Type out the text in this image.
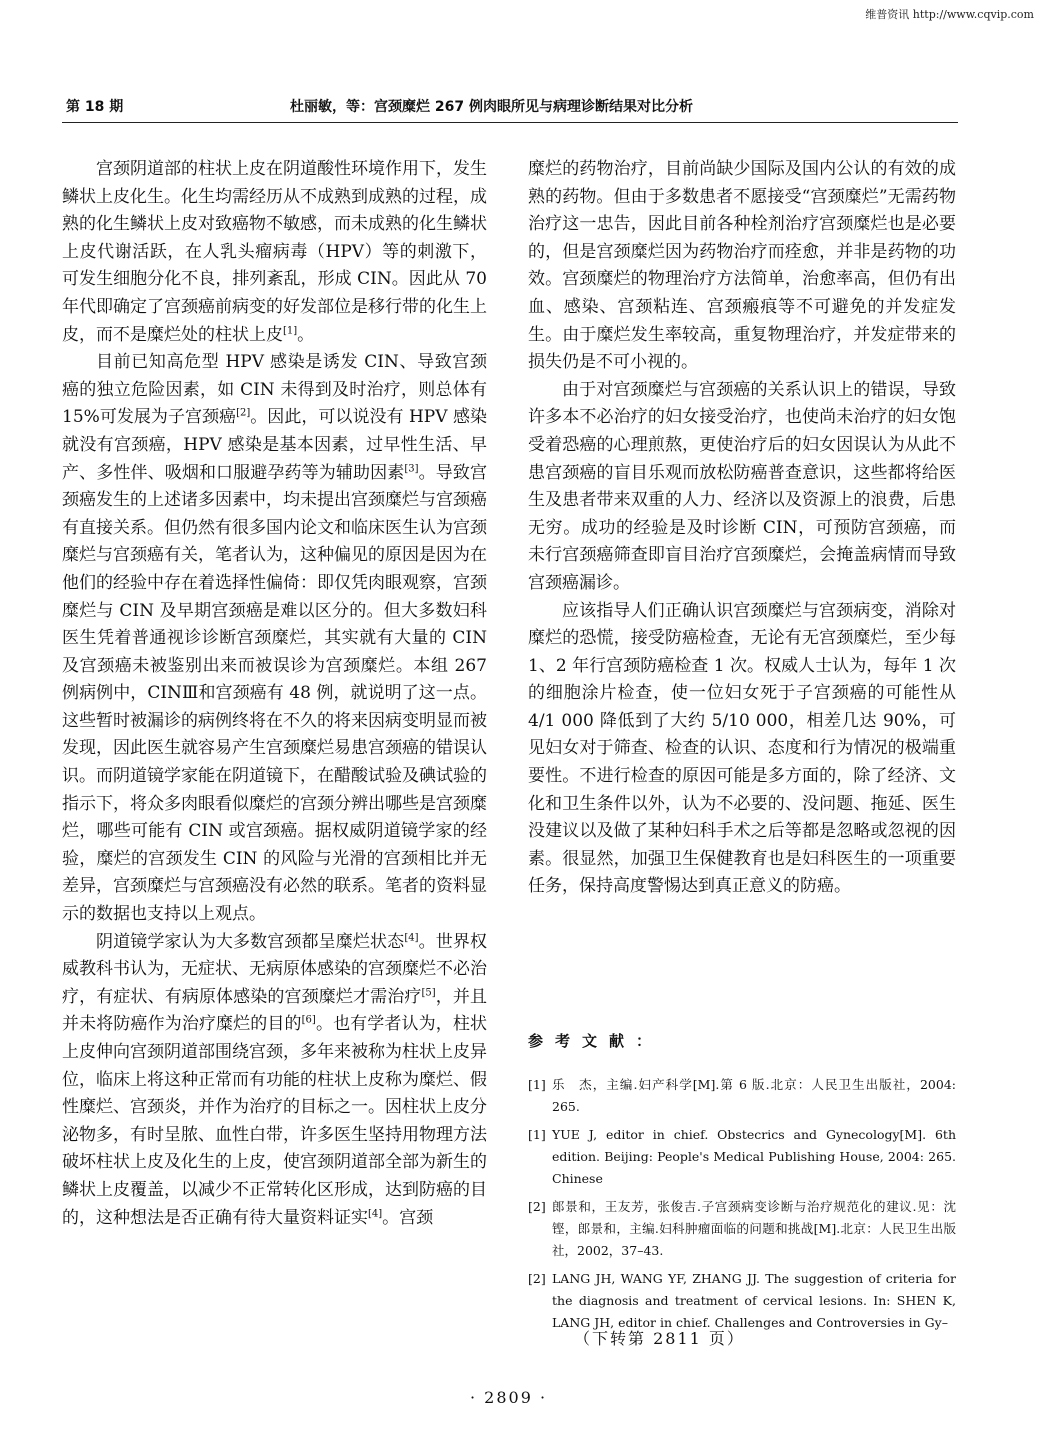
维普资讯 http://www.cqvip.com
第 18 期	杜丽敏，等：宫颈糜烂 267 例肉眼所见与病理诊断结果对比分析

宫颈阴道部的柱状上皮在阴道酸性环境作用下，发生鳞状上皮化生。化生均需经历从不成熟到成熟的过程，成熟的化生鳞状上皮对致癌物不敏感，而未成熟的化生鳞状上皮代谢活跃，在人乳头瘤病毒（HPV）等的刺激下，可发生细胞分化不良，排列紊乱，形成 CIN。因此从 70 年代即确定了宫颈癌前病变的好发部位是移行带的化生上皮，而不是糜烂处的柱状上皮[1]。

目前已知高危型 HPV 感染是诱发 CIN、导致宫颈癌的独立危险因素，如 CIN 未得到及时治疗，则总体有 15%可发展为子宫颈癌[2]。因此，可以说没有 HPV 感染就没有宫颈癌，HPV 感染是基本因素，过早性生活、早产、多性伴、吸烟和口服避孕药等为辅助因素[3]。导致宫颈癌发生的上述诸多因素中，均未提出宫颈糜烂与宫颈癌有直接关系。但仍然有很多国内论文和临床医生认为宫颈糜烂与宫颈癌有关，笔者认为，这种偏见的原因是因为在他们的经验中存在着选择性偏倚：即仅凭肉眼观察，宫颈糜烂与 CIN 及早期宫颈癌是难以区分的。但大多数妇科医生凭着普通视诊诊断宫颈糜烂，其实就有大量的 CIN 及宫颈癌未被鉴别出来而被误诊为宫颈糜烂。本组 267 例病例中，CINⅢ和宫颈癌有 48 例，就说明了这一点。这些暂时被漏诊的病例终将在不久的将来因病变明显而被发现，因此医生就容易产生宫颈糜烂易患宫颈癌的错误认识。而阴道镜学家能在阴道镜下，在醋酸试验及碘试验的指示下，将众多肉眼看似糜烂的宫颈分辨出哪些是宫颈糜烂，哪些可能有 CIN 或宫颈癌。据权威阴道镜学家的经验，糜烂的宫颈发生 CIN 的风险与光滑的宫颈相比并无差异，宫颈糜烂与宫颈癌没有必然的联系。笔者的资料显示的数据也支持以上观点。

阴道镜学家认为大多数宫颈都呈糜烂状态[4]。世界权威教科书认为，无症状、无病原体感染的宫颈糜烂不必治疗，有症状、有病原体感染的宫颈糜烂才需治疗[5]，并且并未将防癌作为治疗糜烂的目的[6]。也有学者认为，柱状上皮伸向宫颈阴道部围绕宫颈，多年来被称为柱状上皮异位，临床上将这种正常而有功能的柱状上皮称为糜烂、假性糜烂、宫颈炎，并作为治疗的目标之一。因柱状上皮分泌物多，有时呈脓、血性白带，许多医生坚持用物理方法破坏柱状上皮及化生的上皮，使宫颈阴道部全部为新生的鳞状上皮覆盖，以减少不正常转化区形成，达到防癌的目的，这种想法是否正确有待大量资料证实[4]。宫颈

糜烂的药物治疗，目前尚缺少国际及国内公认的有效的成熟的药物。但由于多数患者不愿接受“宫颈糜烂”无需药物治疗这一忠告，因此目前各种栓剂治疗宫颈糜烂也是必要的，但是宫颈糜烂因为药物治疗而痊愈，并非是药物的功效。宫颈糜烂的物理治疗方法简单，治愈率高，但仍有出血、感染、宫颈粘连、宫颈瘢痕等不可避免的并发症发生。由于糜烂发生率较高，重复物理治疗，并发症带来的损失仍是不可小视的。

由于对宫颈糜烂与宫颈癌的关系认识上的错误，导致许多本不必治疗的妇女接受治疗，也使尚未治疗的妇女饱受着恐癌的心理煎熬，更使治疗后的妇女因误认为从此不患宫颈癌的盲目乐观而放松防癌普查意识，这些都将给医生及患者带来双重的人力、经济以及资源上的浪费，后患无穷。成功的经验是及时诊断 CIN，可预防宫颈癌，而未行宫颈癌筛查即盲目治疗宫颈糜烂，会掩盖病情而导致宫颈癌漏诊。

应该指导人们正确认识宫颈糜烂与宫颈病变，消除对糜烂的恐慌，接受防癌检查，无论有无宫颈糜烂，至少每 1、2 年行宫颈防癌检查 1 次。权威人士认为，每年 1 次的细胞涂片检查，使一位妇女死于子宫颈癌的可能性从 4/1 000 降低到了大约 5/10 000，相差几达 90%，可见妇女对于筛查、检查的认识、态度和行为情况的极端重要性。不进行检查的原因可能是多方面的，除了经济、文化和卫生条件以外，认为不必要的、没问题、拖延、医生没建议以及做了某种妇科手术之后等都是忽略或忽视的因素。很显然，加强卫生保健教育也是妇科医生的一项重要任务，保持高度警惕达到真正意义的防癌。

参考文献：
[1] 乐　杰，主编.妇产科学[M].第 6 版.北京：人民卫生出版社，2004: 265.
[1] YUE J, editor in chief. Obstecrics and Gynecology[M]. 6th edition. Beijing: People's Medical Publishing House, 2004: 265. Chinese
[2] 郎景和，王友芳，张俊吉.子宫颈病变诊断与治疗规范化的建议.见：沈　铿，郎景和，主编.妇科肿瘤面临的问题和挑战[M].北京：人民卫生出版社，2002，37–43.
[2] LANG JH, WANG YF, ZHANG JJ. The suggestion of criteria for the diagnosis and treatment of cervical lesions. In: SHEN K, LANG JH, editor in chief. Challenges and Controversies in Gy–
（下转第 2811 页）
· 2809 ·
